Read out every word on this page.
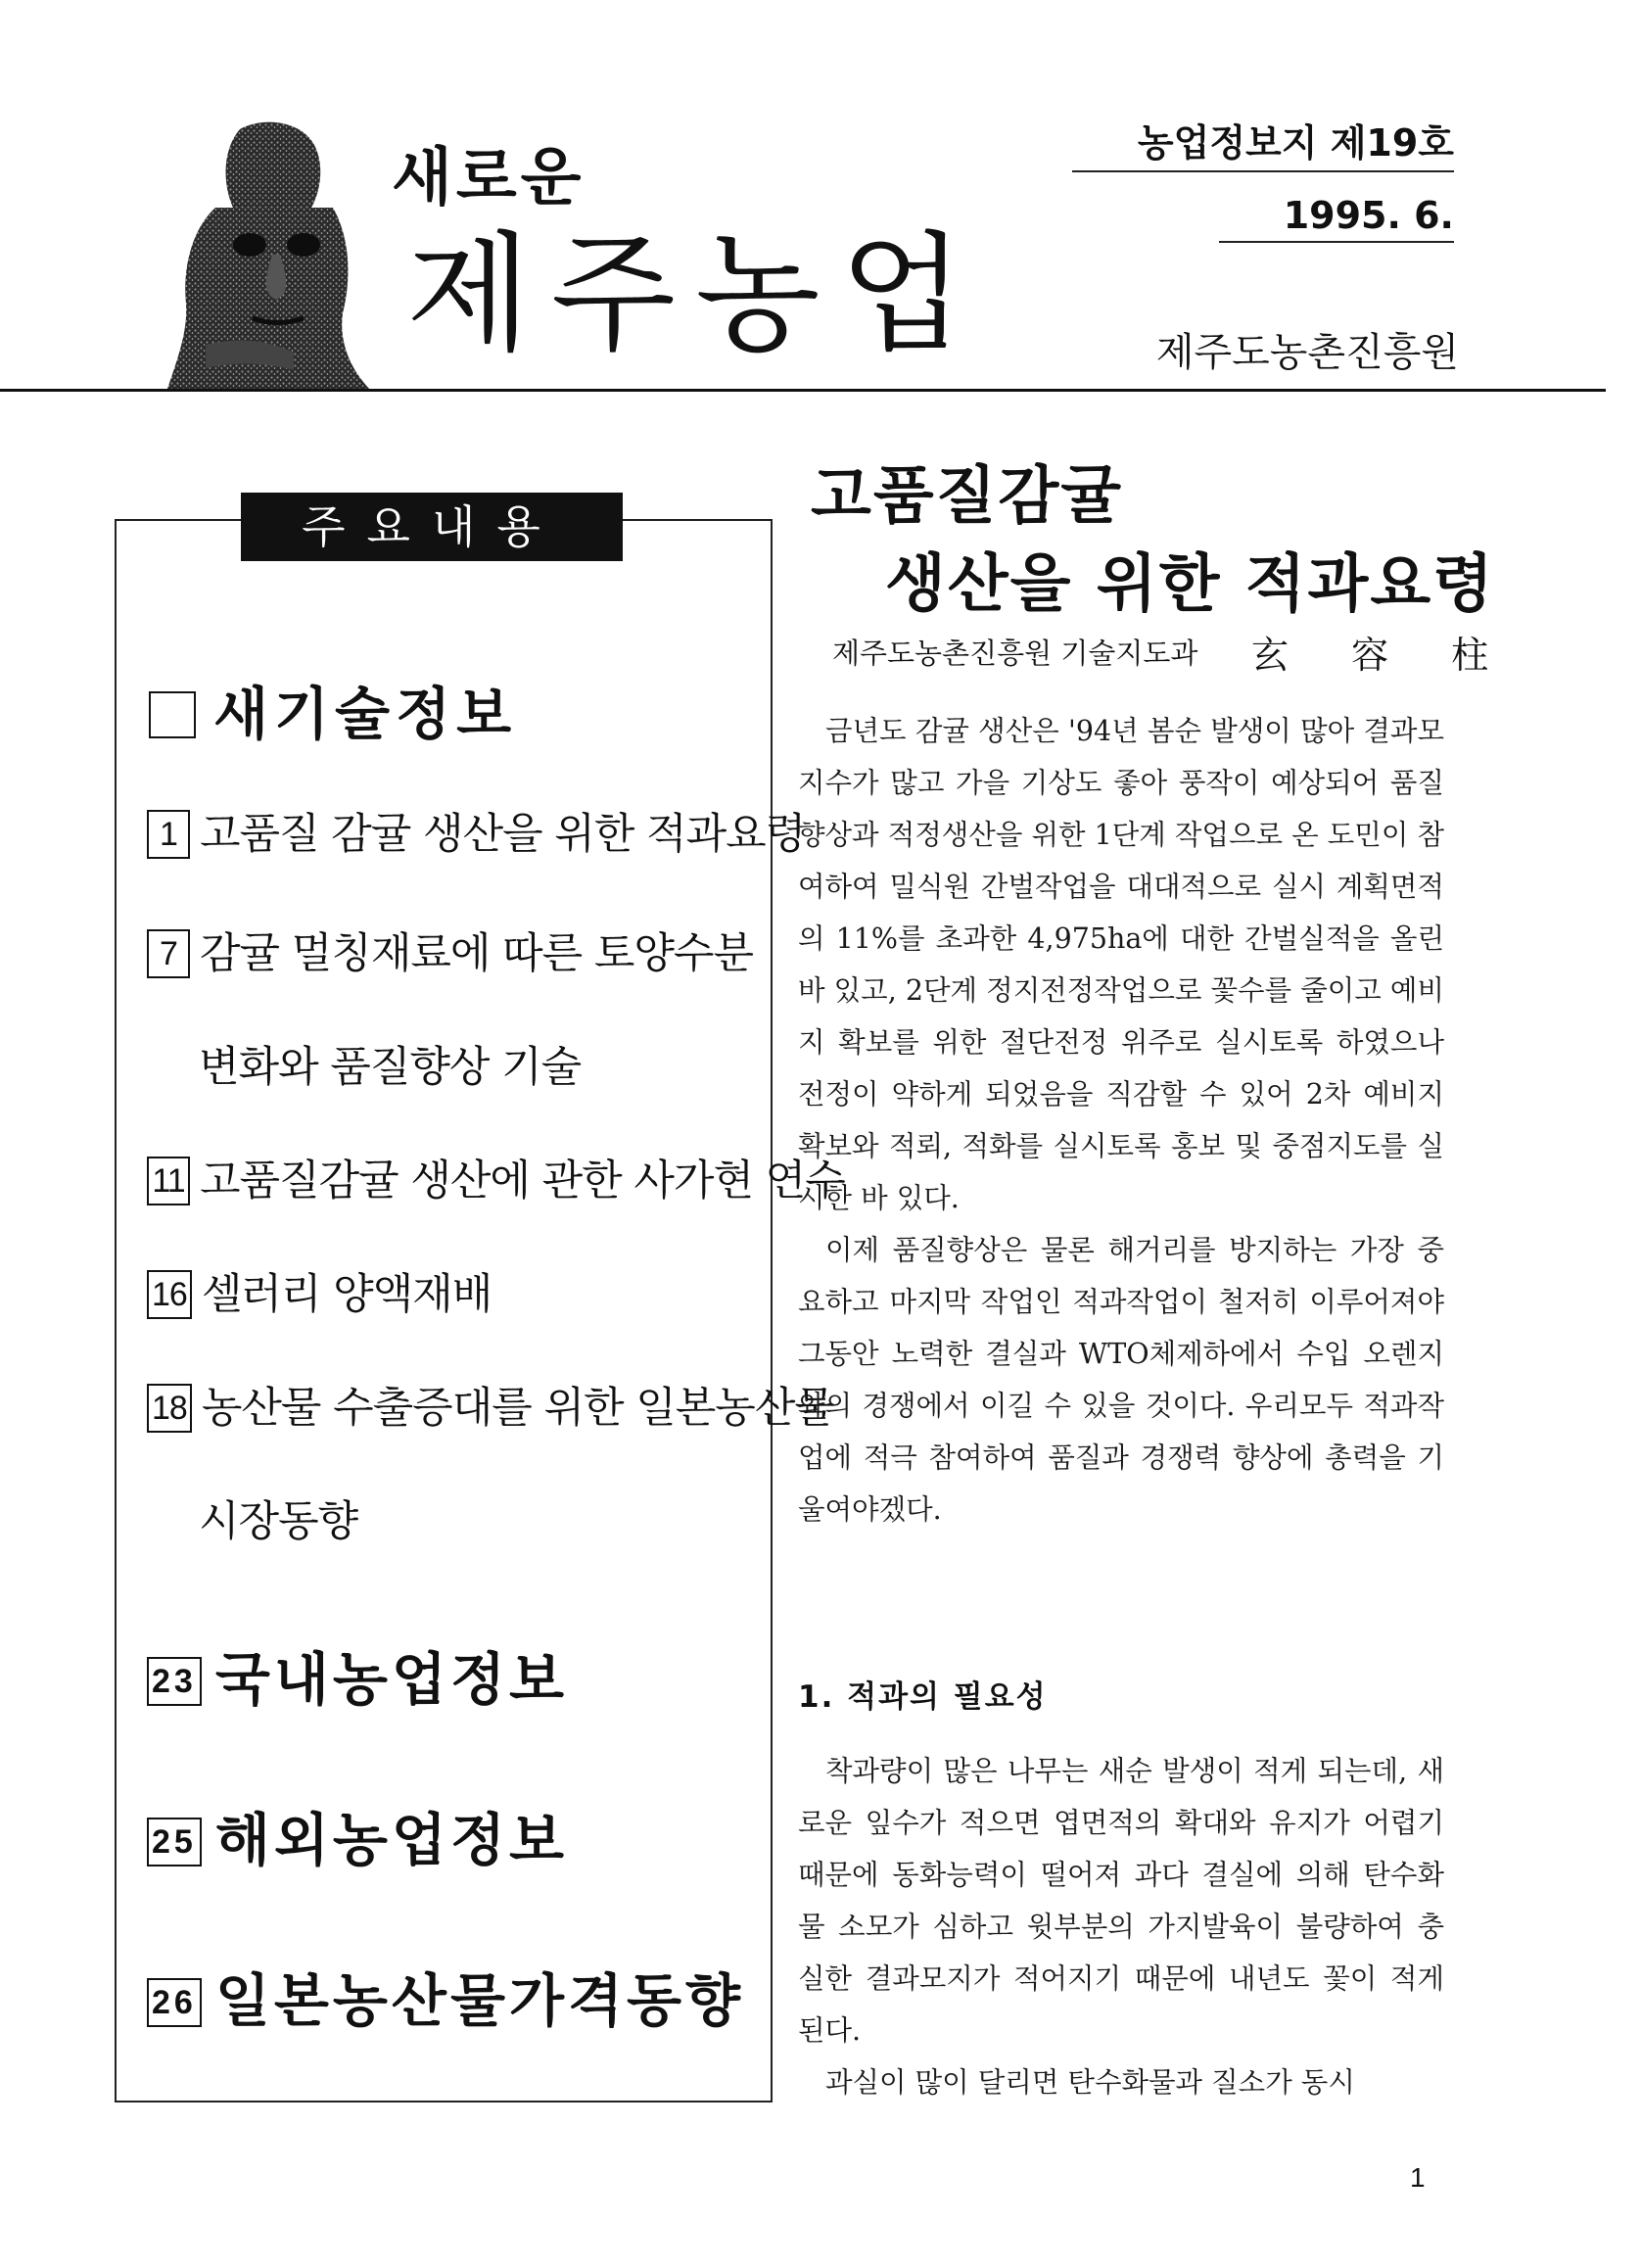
새로운
제주농업
농업정보지 제19호
1995. 6.
제주도농촌진흥원
주요내용
새기술정보
1 고품질 감귤 생산을 위한 적과요령
7 감귤 멀칭재료에 따른 토양수분
변화와 품질향상 기술
11 고품질감귤 생산에 관한 사가현 연수
16 셀러리 양액재배
18 농산물 수출증대를 위한 일본농산물
시장동향
23 국내농업정보
25 해외농업정보
26 일본농산물가격동향
고품질감귤
생산을 위한 적과요령
제주도농촌진흥원 기술지도과 玄 容 柱

금년도 감귤 생산은 '94년 봄순 발생이 많아 결과모지수가 많고 가을 기상도 좋아 풍작이 예상되어 품질향상과 적정생산을 위한 1단계 작업으로 온 도민이 참여하여 밀식원 간벌작업을 대대적으로 실시 계획면적의 11%를 초과한 4,975ha에 대한 간벌실적을 올린바 있고, 2단계 정지전정작업으로 꽃수를 줄이고 예비지 확보를 위한 절단전정 위주로 실시토록 하였으나 전정이 약하게 되었음을 직감할 수 있어 2차 예비지 확보와 적뢰, 적화를 실시토록 홍보 및 중점지도를 실시한 바 있다.

이제 품질향상은 물론 해거리를 방지하는 가장 중요하고 마지막 작업인 적과작업이 철저히 이루어져야 그동안 노력한 결실과 WTO체제하에서 수입 오렌지와의 경쟁에서 이길 수 있을 것이다. 우리모두 적과작업에 적극 참여하여 품질과 경쟁력 향상에 총력을 기울여야겠다.

1. 적과의 필요성

착과량이 많은 나무는 새순 발생이 적게 되는데, 새로운 잎수가 적으면 엽면적의 확대와 유지가 어렵기 때문에 동화능력이 떨어져 과다 결실에 의해 탄수화물 소모가 심하고 윗부분의 가지발육이 불량하여 충실한 결과모지가 적어지기 때문에 내년도 꽃이 적게 된다.

과실이 많이 달리면 탄수화물과 질소가 동시

1
